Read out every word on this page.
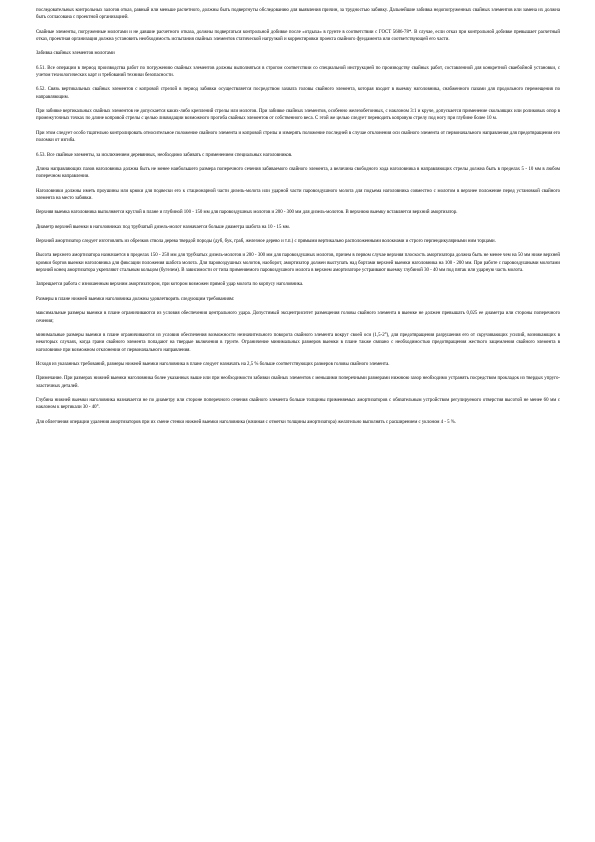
последовательных контрольных залогов отказ, равный или меньше расчетного, должны быть подвергнуты обследованию для выявления причин, за трудностью забивку. Дальнейшие забивка недопогруженных свайных элементов или замена их должна быть согласована с проектной организацией.

Свайные элементы, погруженные молотами и не давшие расчетного отказа, должны подвергаться контрольной добивке после «отдыха» в грунте в соответствии с ГОСТ 5686-78*. В случае, если отказ при контрольной добивке превышает расчетный отказ, проектная организация должна установить необходимость испытания свайных элементов статической нагрузкой и корректировки проекта свайного фундамента или соответствующей его части.

Забивка свайных элементов молотами

6.51. Все операции в период производства работ по погружению свайных элементов должны выполняться в строгом соответствии со специальной инструкцией по производству свайных работ, составленной для конкретной сваебойной установки, с учетом технологических карт и требований техники безопасности.

6.52. Связь вертикальных свайных элементов с копровой стрелой в период забивки осуществляется посредством захвата головы свайного элемента, которая входит в выемку наголовника, снабженного пазами для продольного перемещения по направляющим.

При забивке вертикальных свайных элементов не допускается каких-либо креплений стрелы или молотов. При забивке свайных элементов, особенно железобетонных, с наклоном 3:1 и круче, допускается применение скользящих или роликовых опор в промежуточных точках по длине копровой стрелы с целью ликвидации возможного прогиба свайных элементов от собственного веса. С этой же целью следует переводить копровую стрелу под ногу при глубине более 10 м.

При этом следует особо тщательно контролировать относительное положение свайного элемента и копровой стрелы и измерять положение последней в случае отклонения оси свайного элемента от первоначального направления для предотвращения его поломки от изгиба.

6.53. Все свайные элементы, за исключением деревянных, необходимо забивать с применением специальных наголовников.

Длина направляющих пазов наголовника должна быть не менее наибольшего размера поперечного сечения забиваемого свайного элемента, а величина свободного хода наголовника в направляющих стрелы должна быть в пределах 5 - 10 мм в любом поперечном направлении.

Наголовники должны иметь проушины или крюки для подвески его к стационарной части дизель-молота или ударной части паровоздушного молота для подъема наголовника совместно с молотом в верхнее положение перед установкой свайного элемента на место забивки.

Верхняя выемка наголовника выполняется круглой в плане и глубиной 100 - 150 мм для паровоздушных молотов и 200 - 300 мм для дизель-молотов. В верхнюю выемку вставляется верхний амортизатор.

Диаметр верхней выемки в наголовниках под трубчатый дизель-молот назначается больше диаметра шабота на 10 - 15 мм.

Верхний амортизатор следует изготовлять из обрезков ствола дерева твердой породы (дуб, бук, граб, железное дерево и т.п.) с прямыми вертикально расположенными волокнами и строго перпендикулярными ним торцами.

Высота верхнего амортизатора назначается в пределах 150 - 250 мм для трубчатых дизель-молотов и 200 - 300 мм для паровоздушных молотов, причем в первом случае верхняя плоскость амортизатора должна быть не менее чем на 50 мм ниже верхней кромки бортов выемки наголовника для фиксации положения шабота молота. Для паровоздушных молотов, наоборот, амортизатор должен выступать над бортами верхней выемки наголовника на 100 - 200 мм. При работе с паровоздушными молотами верхний конец амортизатора укрепляют стальным кольцом (бугелем). В зависимости от типа применяемого паровоздушного молота в верхнем амортизаторе устраивают выемку глубиной 30 - 40 мм под пятак или ударную часть молота.

Запрещается работа с изношенным верхним амортизатором, при котором возможен прямой удар молота по корпусу наголовника.

Размеры в плане нижней выемки наголовника должны удовлетворять следующим требованиям:

максимальные размеры выемки в плане ограничиваются из условия обеспечения центрального удара. Допустимый эксцентриситет размещения головы свайного элемента в выемке не должен превышать 0,025 ее диаметра или стороны поперечного сечения;

минимальные размеры выемки в плане ограничиваются из условия обеспечения возможности незначительного поворота свайного элемента вокруг своей оси (1,5-2°), для предотвращения разрушения его от скручивающих усилий, возникающих в некоторых случаях, когда грани свайного элемента попадают на твердые включения в грунте. Ограничение минимальных размеров выемки в плане также связано с необходимостью предотвращения жесткого защемления свайного элемента в наголовнике при возможном отклонении от первоначального направления.

Исходя из указанных требований, размеры нижней выемки наголовника в плане следует назначать на 2,5 % больше соответствующих размеров головы свайного элемента.

Примечание. При размерах нижней выемки наголовника более указанных выше или при необходимости забивки свайных элементов с меньшими поперечными размерами нижнюю зазор необходимо устранять посредством прокладок из твердых упруго-эластичных деталей.

Глубина нижней выемки наголовника назначается не по диаметру или стороне поперечного сечения свайного элемента больше толщины применяемых амортизаторов с обязательным устройством регулируемого отверстия высотой не менее 60 мм с наклоном к вертикали 30 - 40°.

Для облегчения операции удаления амортизаторов при их смене стенки нижней выемки наголовника (начиная с отметки толщины амортизатора) желательно выполнять с расширением с уклоном 4 - 5 %.
